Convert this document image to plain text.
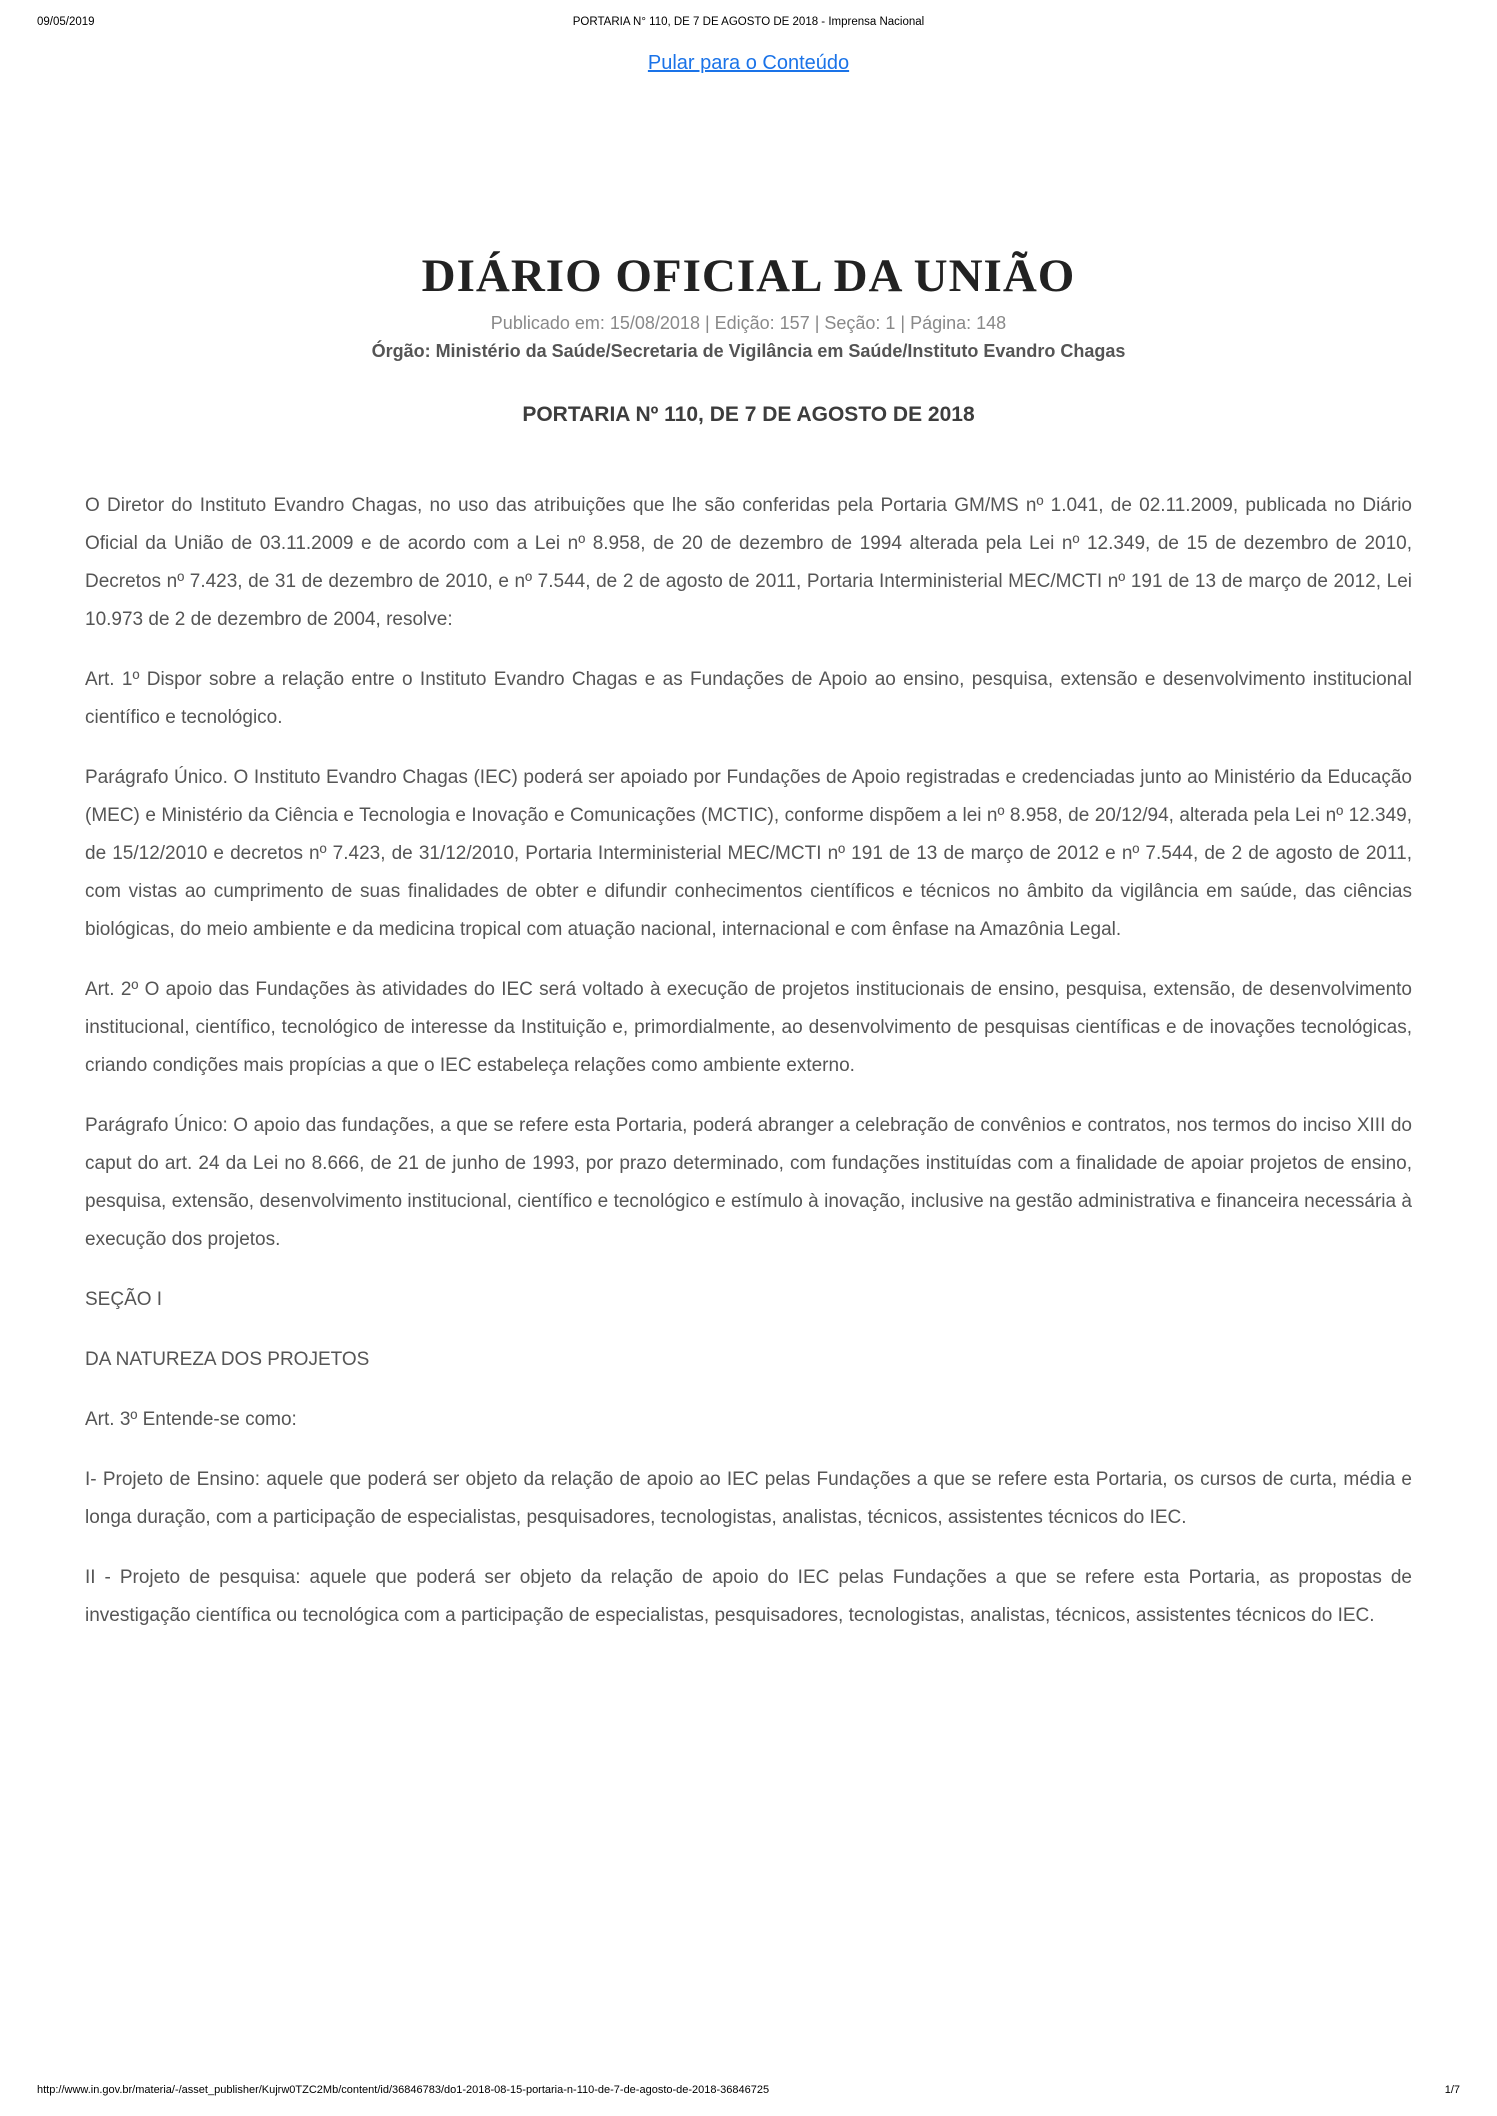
09/05/2019	PORTARIA N° 110, DE 7 DE AGOSTO DE 2018 - Imprensa Nacional
Pular para o Conteúdo
DIÁRIO OFICIAL DA UNIÃO
Publicado em: 15/08/2018 | Edição: 157 | Seção: 1 | Página: 148
Órgão: Ministério da Saúde/Secretaria de Vigilância em Saúde/Instituto Evandro Chagas
PORTARIA Nº 110, DE 7 DE AGOSTO DE 2018

O Diretor do Instituto Evandro Chagas, no uso das atribuições que lhe são conferidas pela Portaria GM/MS nº 1.041, de 02.11.2009, publicada no Diário Oficial da União de 03.11.2009 e de acordo com a Lei nº 8.958, de 20 de dezembro de 1994 alterada pela Lei nº 12.349, de 15 de dezembro de 2010, Decretos nº 7.423, de 31 de dezembro de 2010, e nº 7.544, de 2 de agosto de 2011, Portaria Interministerial MEC/MCTI nº 191 de 13 de março de 2012, Lei 10.973 de 2 de dezembro de 2004, resolve:

Art. 1º Dispor sobre a relação entre o Instituto Evandro Chagas e as Fundações de Apoio ao ensino, pesquisa, extensão e desenvolvimento institucional científico e tecnológico.

Parágrafo Único. O Instituto Evandro Chagas (IEC) poderá ser apoiado por Fundações de Apoio registradas e credenciadas junto ao Ministério da Educação (MEC) e Ministério da Ciência e Tecnologia e Inovação e Comunicações (MCTIC), conforme dispõem a lei nº 8.958, de 20/12/94, alterada pela Lei nº 12.349, de 15/12/2010 e decretos nº 7.423, de 31/12/2010, Portaria Interministerial MEC/MCTI nº 191 de 13 de março de 2012 e nº 7.544, de 2 de agosto de 2011, com vistas ao cumprimento de suas finalidades de obter e difundir conhecimentos científicos e técnicos no âmbito da vigilância em saúde, das ciências biológicas, do meio ambiente e da medicina tropical com atuação nacional, internacional e com ênfase na Amazônia Legal.

Art. 2º O apoio das Fundações às atividades do IEC será voltado à execução de projetos institucionais de ensino, pesquisa, extensão, de desenvolvimento institucional, científico, tecnológico de interesse da Instituição e, primordialmente, ao desenvolvimento de pesquisas científicas e de inovações tecnológicas, criando condições mais propícias a que o IEC estabeleça relações como ambiente externo.

Parágrafo Único: O apoio das fundações, a que se refere esta Portaria, poderá abranger a celebração de convênios e contratos, nos termos do inciso XIII do caput do art. 24 da Lei no 8.666, de 21 de junho de 1993, por prazo determinado, com fundações instituídas com a finalidade de apoiar projetos de ensino, pesquisa, extensão, desenvolvimento institucional, científico e tecnológico e estímulo à inovação, inclusive na gestão administrativa e financeira necessária à execução dos projetos.

SEÇÃO I

DA NATUREZA DOS PROJETOS

Art. 3º Entende-se como:

I- Projeto de Ensino: aquele que poderá ser objeto da relação de apoio ao IEC pelas Fundações a que se refere esta Portaria, os cursos de curta, média e longa duração, com a participação de especialistas, pesquisadores, tecnologistas, analistas, técnicos, assistentes técnicos do IEC.

II - Projeto de pesquisa: aquele que poderá ser objeto da relação de apoio do IEC pelas Fundações a que se refere esta Portaria, as propostas de investigação científica ou tecnológica com a participação de especialistas, pesquisadores, tecnologistas, analistas, técnicos, assistentes técnicos do IEC.

http://www.in.gov.br/materia/-/asset_publisher/Kujrw0TZC2Mb/content/id/36846783/do1-2018-08-15-portaria-n-110-de-7-de-agosto-de-2018-36846725	1/7
